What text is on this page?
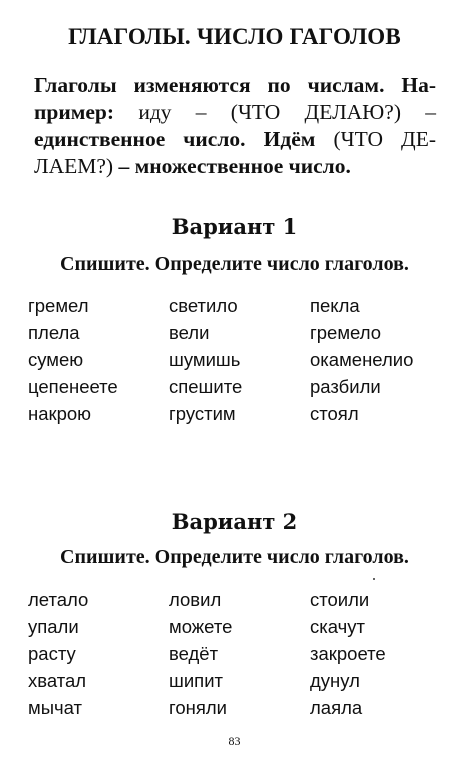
ГЛАГОЛЫ. ЧИСЛО ГАГОЛОВ

Глаголы изменяются по числам. На-
пример: иду – (ЧТО ДЕЛАЮ?) –
единственное число. Идём (ЧТО ДЕ-
ЛАЕМ?) – множественное число.

Вариант 1
Спишите. Определите число глаголов.
гремел	светило	пекла
плела	вели	гремело
сумею	шумишь	окаменелио
цепенеете	спешите	разбили
накрою	грустим	стоял
Вариант 2
Спишите. Определите число глаголов.
летало	ловил	стоили
упали	можете	скачут
расту	ведёт	закроете
хватал	шипит	дунул
мычат	гоняли	лаяла
83
